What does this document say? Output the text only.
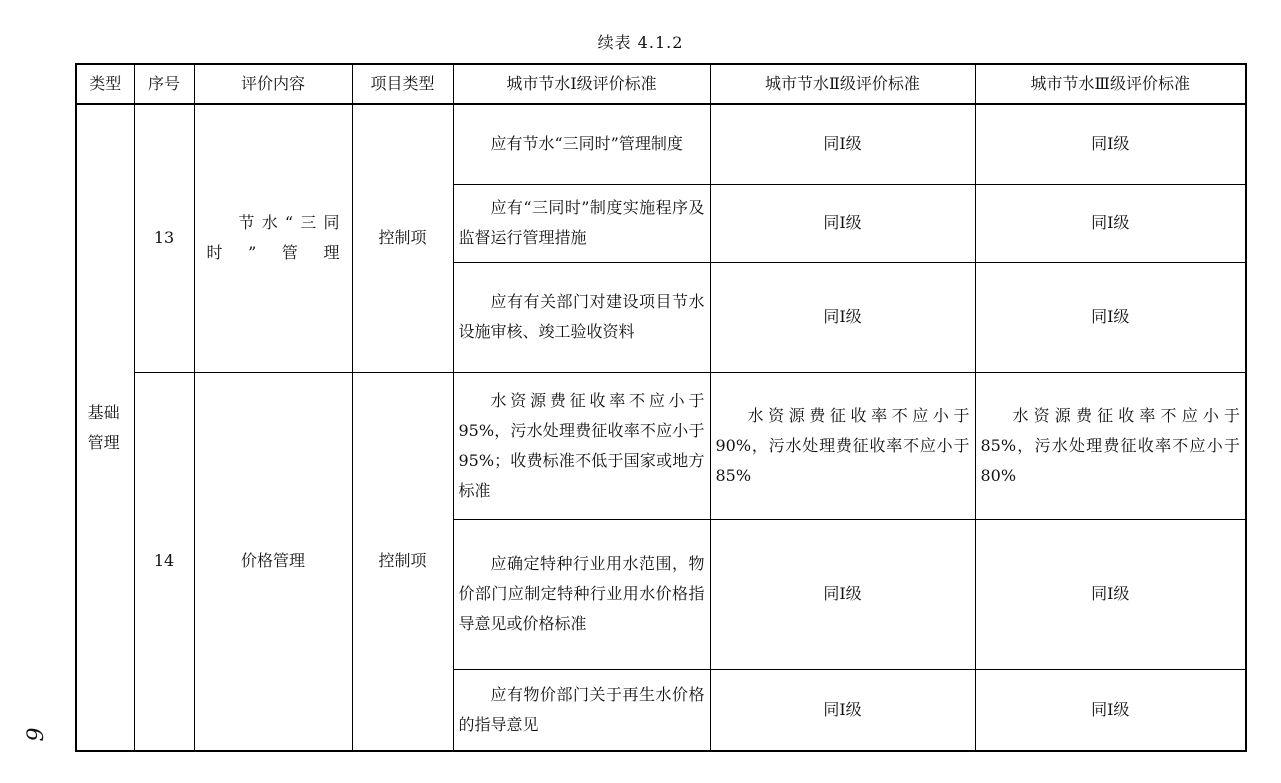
续表 4.1.2
6
类型	序号	评价内容	项目类型	城市节水Ⅰ级评价标准	城市节水Ⅱ级评价标准	城市节水Ⅲ级评价标准
基础管理	13	节水“三同时”管理	控制项	应有节水“三同时”管理制度	同Ⅰ级	同Ⅰ级
				应有“三同时”制度实施程序及监督运行管理措施	同Ⅰ级	同Ⅰ级
				应有有关部门对建设项目节水设施审核、竣工验收资料	同Ⅰ级	同Ⅰ级
	14	价格管理	控制项	水资源费征收率不应小于95%，污水处理费征收率不应小于95%；收费标准不低于国家或地方标准	水资源费征收率不应小于90%，污水处理费征收率不应小于85%	水资源费征收率不应小于85%，污水处理费征收率不应小于80%
				应确定特种行业用水范围，物价部门应制定特种行业用水价格指导意见或价格标准	同Ⅰ级	同Ⅰ级
				应有物价部门关于再生水价格的指导意见	同Ⅰ级	同Ⅰ级
